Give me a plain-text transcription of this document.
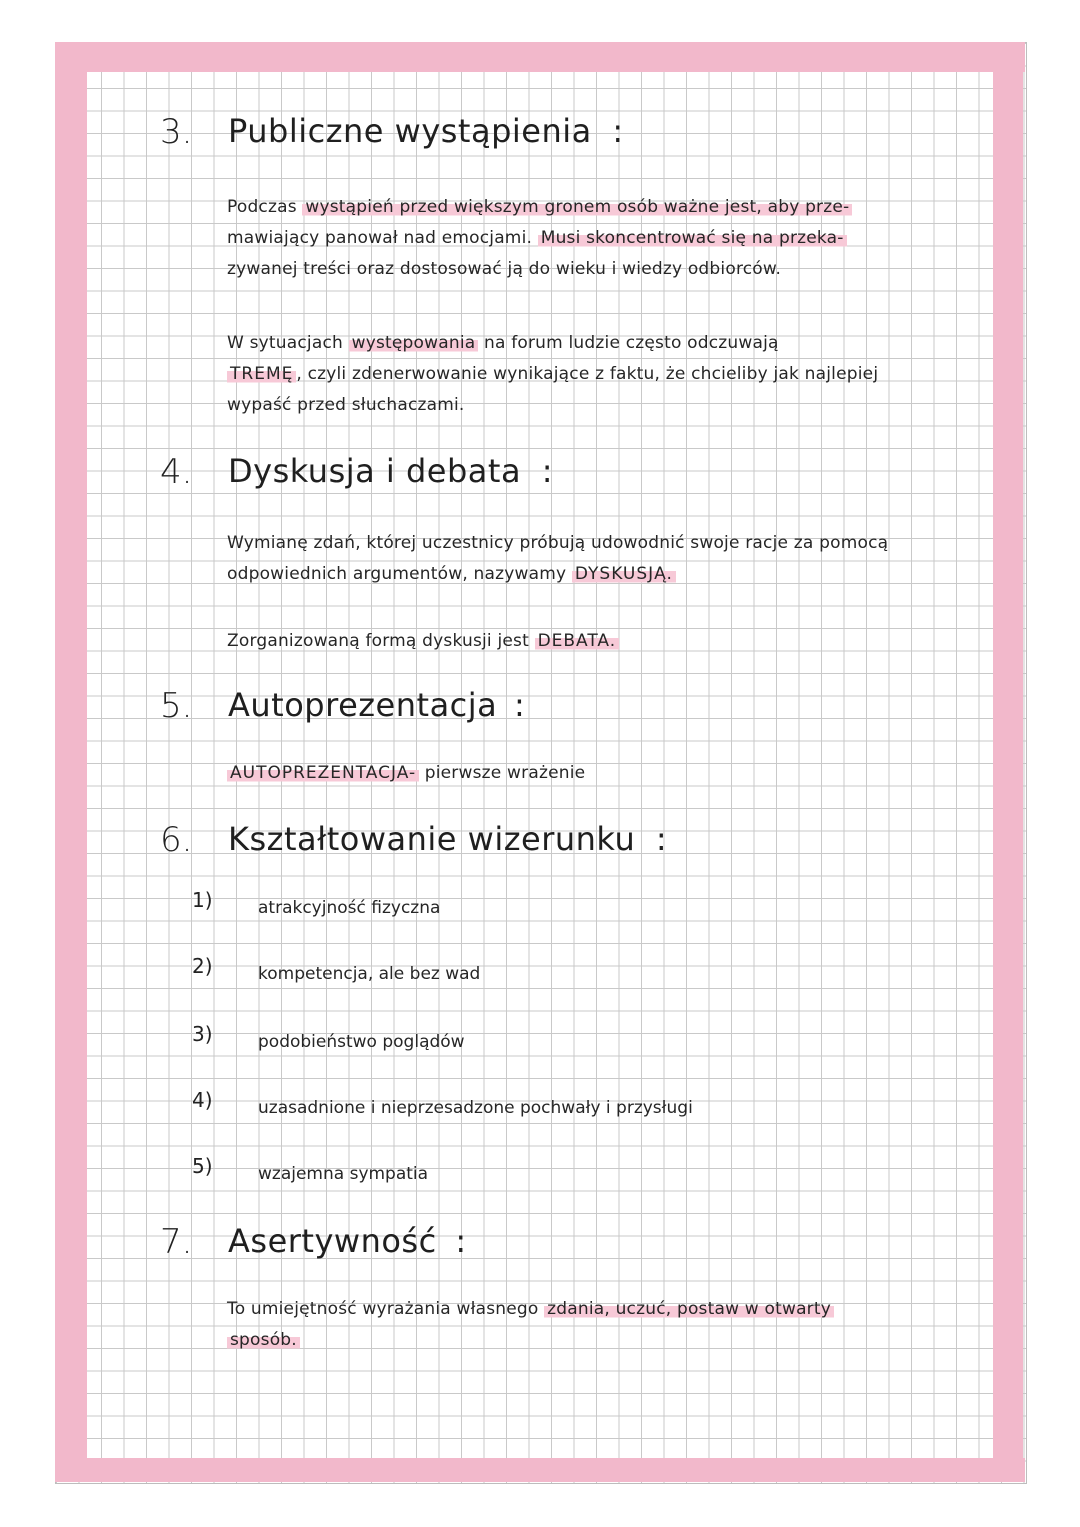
3. Publiczne wystąpienia :
Podczas wystąpień przed większym gronem osób ważne jest, aby prze-
mawiający panował nad emocjami. Musi skoncentrować się na przeka-
zywanej treści oraz dostosować ją do wieku i wiedzy odbiorców.
W sytuacjach występowania na forum ludzie często odczuwają
TREMĘ , czyli zdenerwowanie wynikające z faktu, że chcieliby jak najlepiej wypaść przed słuchaczami.
4. Dyskusja i debata :
Wymianę zdań, której uczestnicy próbują udowodnić swoje racje za pomocą odpowiednich argumentów, nazywamy DYSKUSJĄ.
Zorganizowaną formą dyskusji jest DEBATA.
5. Autoprezentacja :
AUTOPREZENTACJA- pierwsze wrażenie
6. Kształtowanie wizerunku :
1)	atrakcyjność fizyczna
2)	kompetencja, ale bez wad
3)	podobieństwo poglądów
4)	uzasadnione i nieprzesadzone pochwały i przysługi
5)	wzajemna sympatia
7. Asertywność :
To umiejętność wyrażania własnego zdania, uczuć, postaw w otwarty
sposób.
